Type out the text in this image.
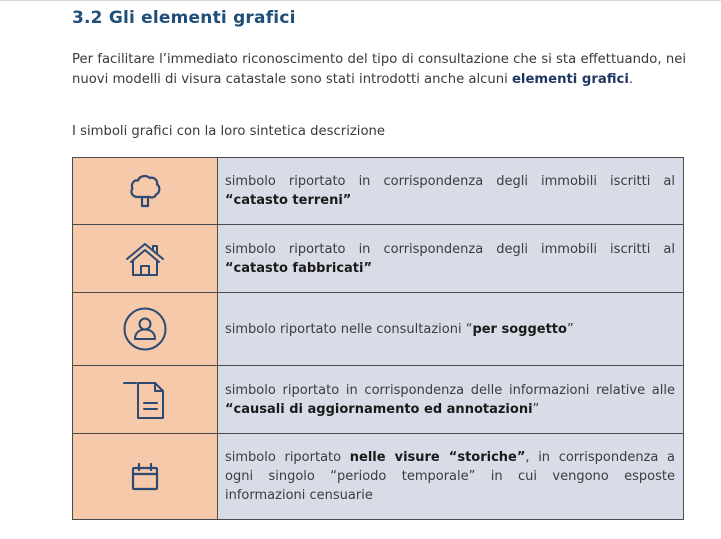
3.2 Gli elementi grafici
Per facilitare l’immediato riconoscimento del tipo di consultazione che si sta effettuando, nei nuovi modelli di visura catastale sono stati introdotti anche alcuni elementi grafici.
I simboli grafici con la loro sintetica descrizione
	simbolo riportato in corrispondenza degli immobili iscritti al “catasto terreni”

	simbolo riportato in corrispondenza degli immobili iscritti al “catasto fabbricati”

	simbolo riportato nelle consultazioni “per soggetto”

	simbolo riportato in corrispondenza delle informazioni relative alle “causali di aggiornamento ed annotazioni”

	simbolo riportato nelle visure “storiche”, in corrispondenza a ogni singolo “periodo temporale” in cui vengono esposte informazioni censuarie
